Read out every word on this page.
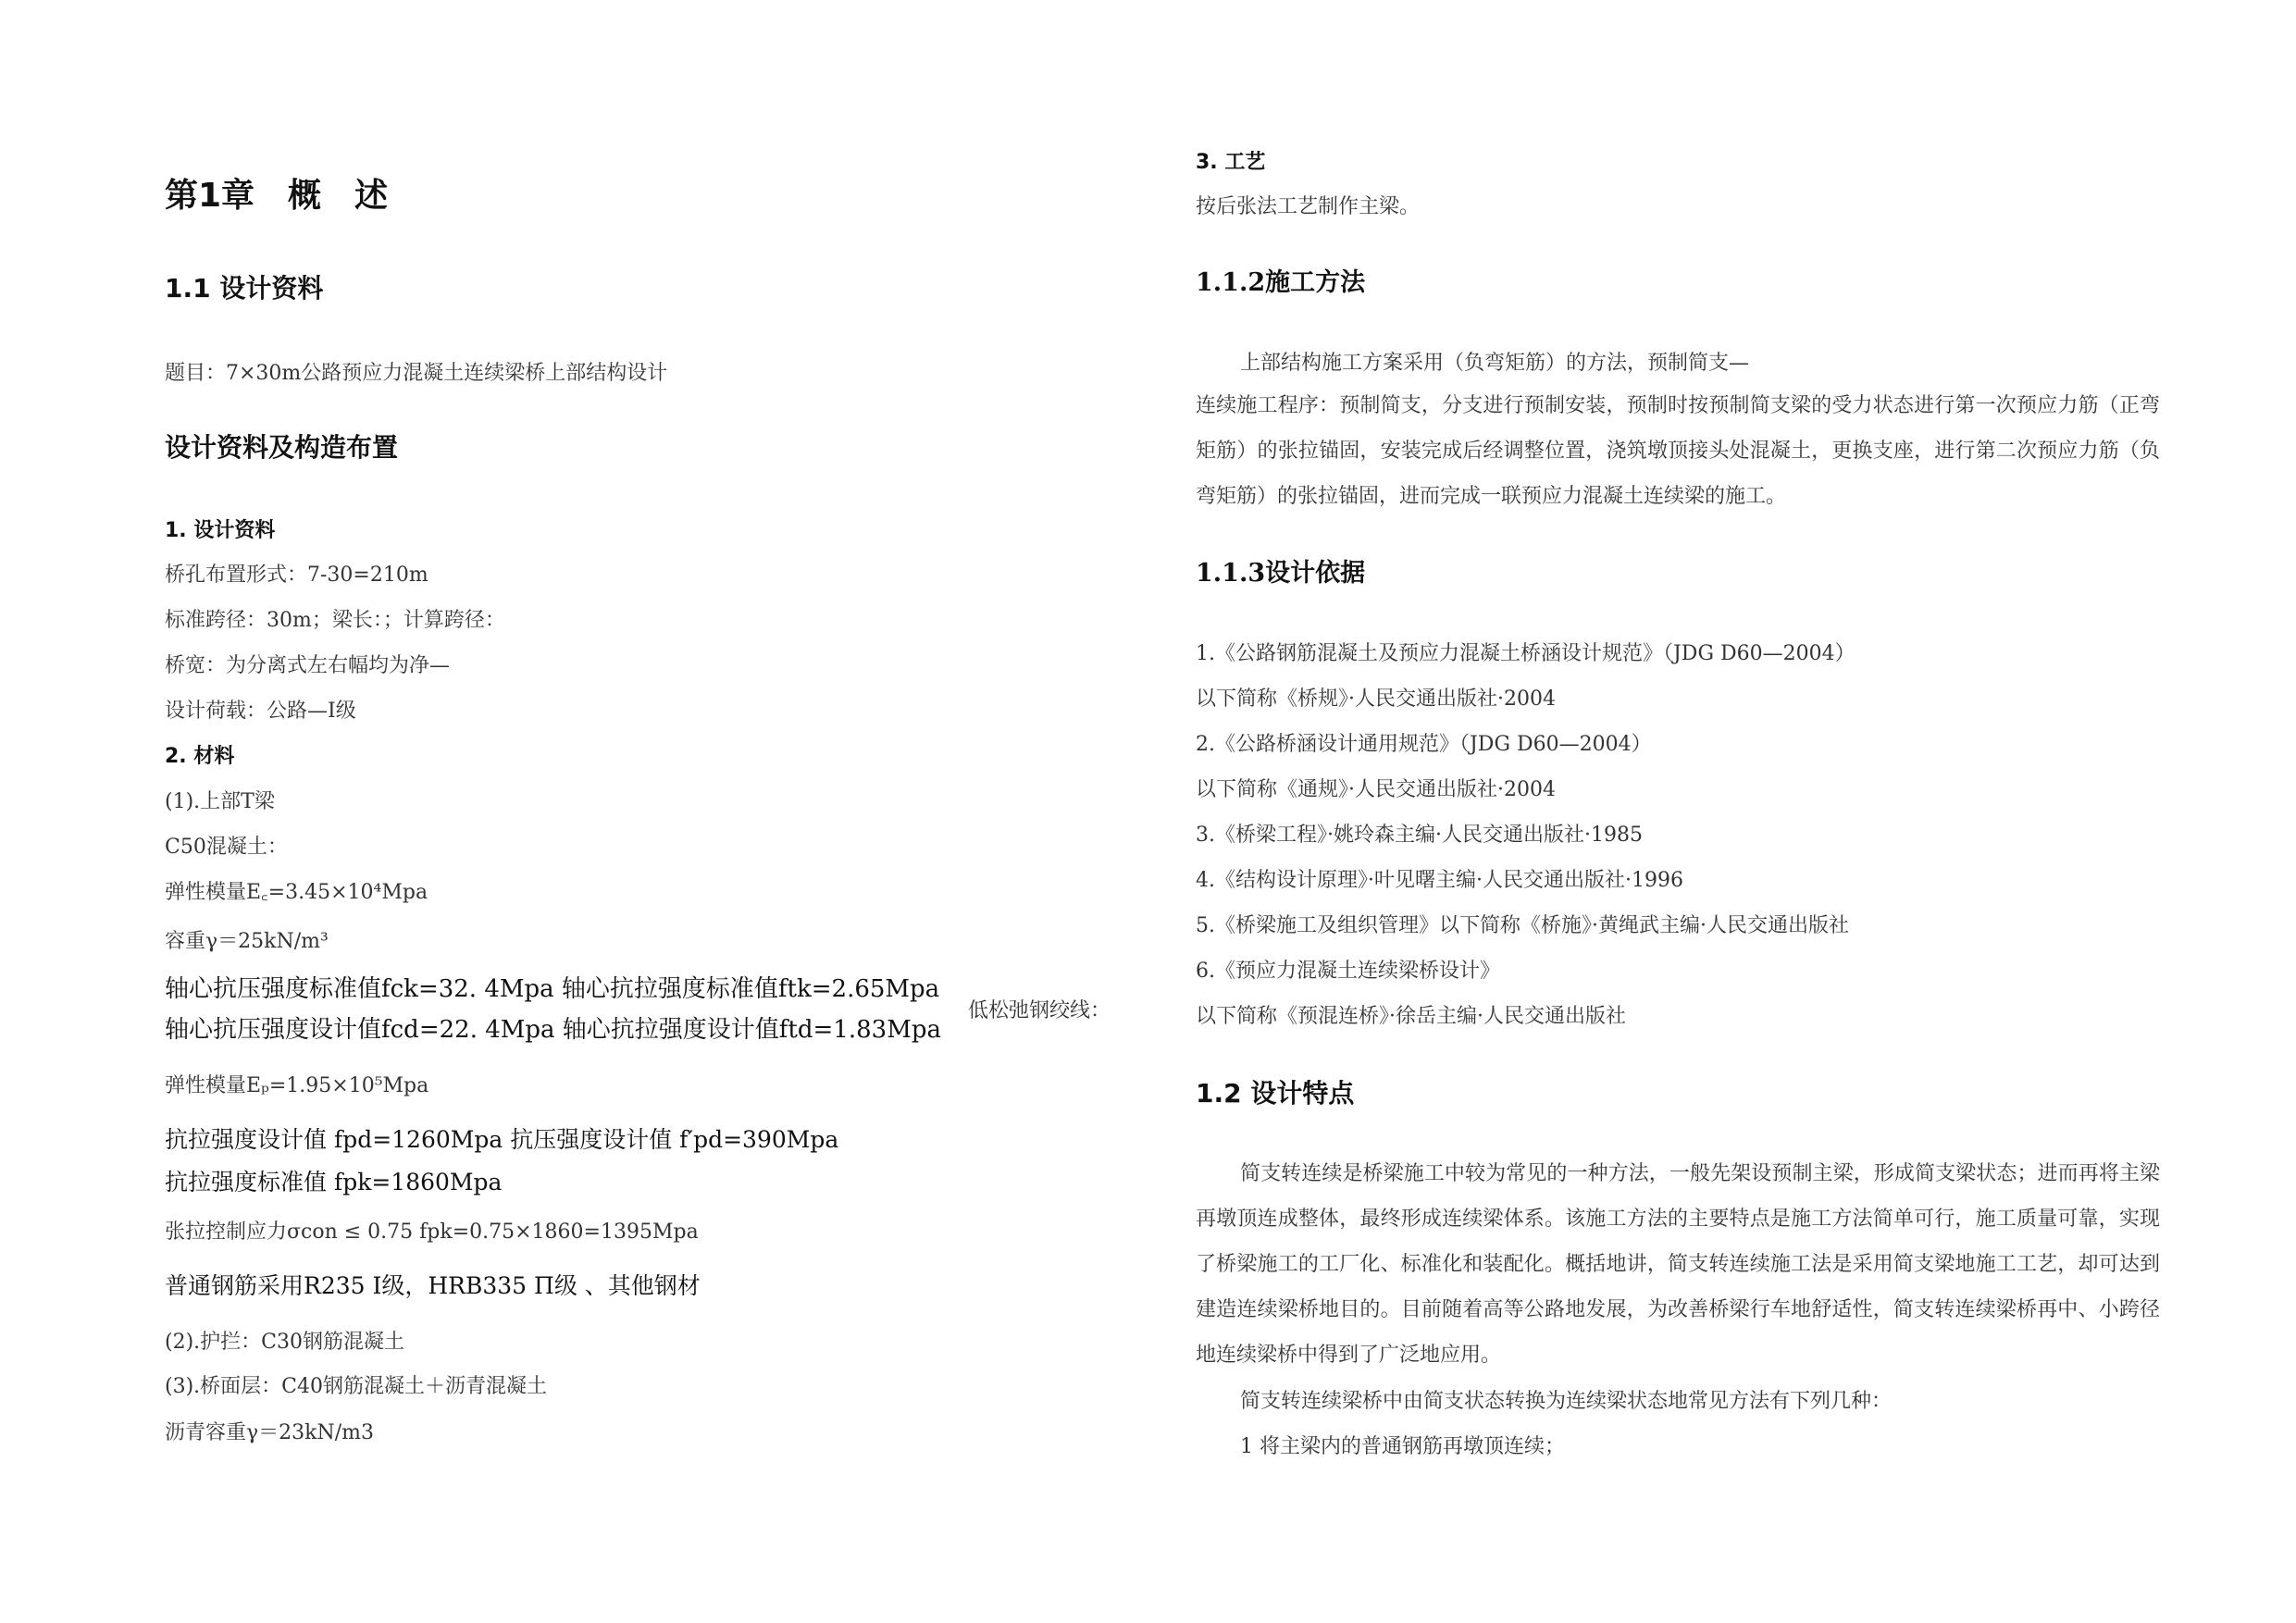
第1章　概　述
1.1 设计资料
题目：7×30m公路预应力混凝土连续梁桥上部结构设计
设计资料及构造布置
1. 设计资料
桥孔布置形式：7-30=210m
标准跨径：30m；梁长：；计算跨径：
桥宽：为分离式左右幅均为净—
设计荷载：公路—Ⅰ级
2. 材料
(1).上部T梁
C50混凝土：
弹性模量E꜀=3.45×10⁴Mpa
容重γ＝25kN/m³
轴心抗压强度标准值fck=32. 4Mpa 轴心抗拉强度标准值ftk=2.65Mpa
轴心抗压强度设计值fcd=22. 4Mpa 轴心抗拉强度设计值ftd=1.83Mpa
低松弛钢绞线：
弹性模量Eₚ=1.95×10⁵Mpa
抗拉强度设计值 fpd=1260Mpa 抗压强度设计值 f′pd=390Mpa
抗拉强度标准值 fpk=1860Mpa
张拉控制应力σcon ≤ 0.75 fpk=0.75×1860=1395Mpa
普通钢筋采用R235 Ⅰ级，HRB335 Π级 、其他钢材
(2).护拦：C30钢筋混凝土
(3).桥面层：C40钢筋混凝土＋沥青混凝土
沥青容重γ＝23kN/m3
3. 工艺
按后张法工艺制作主梁。
1.1.2施工方法
上部结构施工方案采用（负弯矩筋）的方法，预制简支—
连续施工程序：预制简支，分支进行预制安装，预制时按预制简支梁的受力状态进行第一次预应力筋（正弯矩筋）的张拉锚固，安装完成后经调整位置，浇筑墩顶接头处混凝土，更换支座，进行第二次预应力筋（负弯矩筋）的张拉锚固，进而完成一联预应力混凝土连续梁的施工。
1.1.3设计依据
1.《公路钢筋混凝土及预应力混凝土桥涵设计规范》（JDG D60—2004）
以下简称《桥规》·人民交通出版社·2004
2.《公路桥涵设计通用规范》（JDG D60—2004）
以下简称《通规》·人民交通出版社·2004
3.《桥梁工程》·姚玲森主编·人民交通出版社·1985
4.《结构设计原理》·叶见曙主编·人民交通出版社·1996
5.《桥梁施工及组织管理》以下简称《桥施》·黄绳武主编·人民交通出版社
6.《预应力混凝土连续梁桥设计》
以下简称《预混连桥》·徐岳主编·人民交通出版社
1.2 设计特点
简支转连续是桥梁施工中较为常见的一种方法，一般先架设预制主梁，形成简支梁状态；进而再将主梁再墩顶连成整体，最终形成连续梁体系。该施工方法的主要特点是施工方法简单可行，施工质量可靠，实现了桥梁施工的工厂化、标准化和装配化。概括地讲，简支转连续施工法是采用简支梁地施工工艺，却可达到建造连续梁桥地目的。目前随着高等公路地发展，为改善桥梁行车地舒适性，简支转连续梁桥再中、小跨径地连续梁桥中得到了广泛地应用。
简支转连续梁桥中由简支状态转换为连续梁状态地常见方法有下列几种：
1 将主梁内的普通钢筋再墩顶连续；
